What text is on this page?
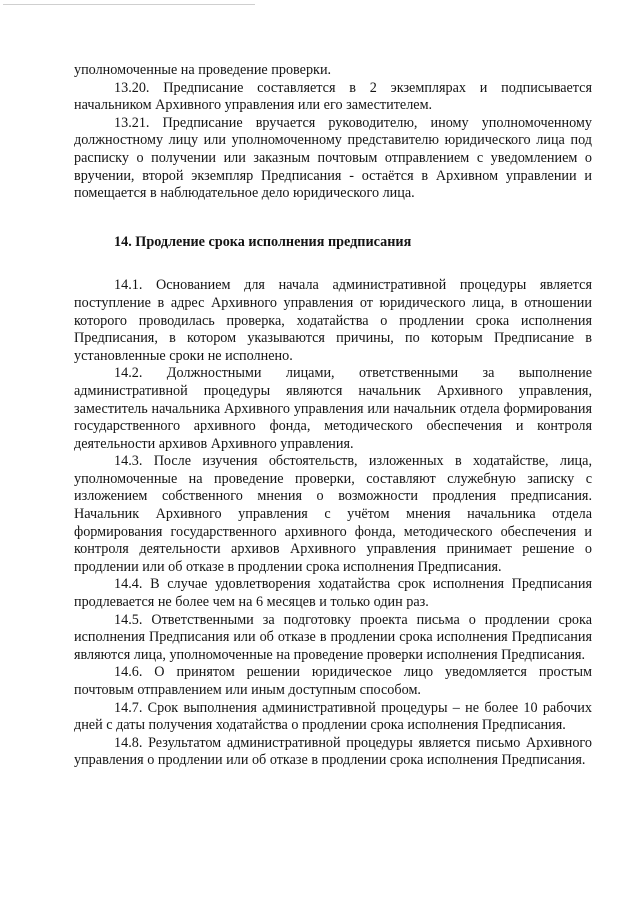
уполномоченные на проведение проверки.

13.20. Предписание составляется в 2 экземплярах и подписывается начальником Архивного управления или его заместителем.

13.21. Предписание вручается руководителю, иному уполномоченному должностному лицу или уполномоченному представителю юридического лица под расписку о получении или заказным почтовым отправлением с уведомлением о вручении, второй экземпляр Предписания - остаётся в Архивном управлении и помещается в наблюдательное дело юридического лица.

14. Продление срока исполнения предписания

14.1. Основанием для начала административной процедуры является поступление в адрес Архивного управления от юридического лица, в отношении которого проводилась проверка, ходатайства о продлении срока исполнения Предписания, в котором указываются причины, по которым Предписание в установленные сроки не исполнено.

14.2. Должностными лицами, ответственными за выполнение административной процедуры являются начальник Архивного управления, заместитель начальника Архивного управления или начальник отдела формирования государственного архивного фонда, методического обеспечения и контроля деятельности архивов Архивного управления.

14.3. После изучения обстоятельств, изложенных в ходатайстве, лица, уполномоченные на проведение проверки, составляют служебную записку с изложением собственного мнения о возможности продления предписания. Начальник Архивного управления с учётом мнения начальника отдела формирования государственного архивного фонда, методического обеспечения и контроля деятельности архивов Архивного управления принимает решение о продлении или об отказе в продлении срока исполнения Предписания.

14.4. В случае удовлетворения ходатайства срок исполнения Предписания продлевается не более чем на 6 месяцев и только один раз.

14.5. Ответственными за подготовку проекта письма о продлении срока исполнения Предписания или об отказе в продлении срока исполнения Предписания являются лица, уполномоченные на проведение проверки исполнения Предписания.

14.6. О принятом решении юридическое лицо уведомляется простым почтовым отправлением или иным доступным способом.

14.7. Срок выполнения административной процедуры – не более 10 рабочих дней с даты получения ходатайства о продлении срока исполнения Предписания.

14.8. Результатом административной процедуры является письмо Архивного управления о продлении или об отказе в продлении срока исполнения Предписания.
